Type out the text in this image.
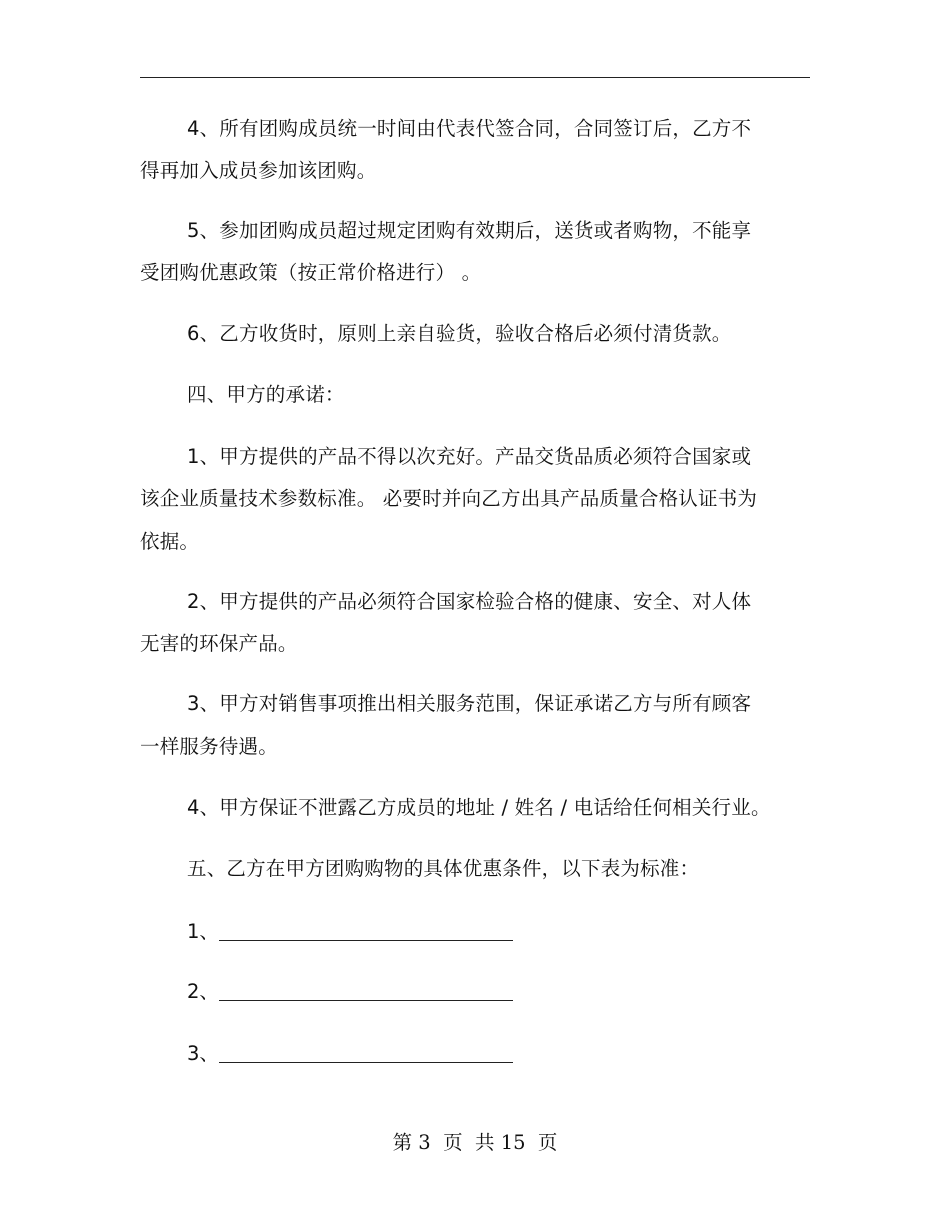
4、所有团购成员统一时间由代表代签合同，合同签订后，乙方不
得再加入成员参加该团购。
5、参加团购成员超过规定团购有效期后，送货或者购物，不能享
受团购优惠政策（按正常价格进行） 。
6、乙方收货时，原则上亲自验货，验收合格后必须付清货款。
四、甲方的承诺：
1、甲方提供的产品不得以次充好。产品交货品质必须符合国家或
该企业质量技术参数标准。 必要时并向乙方出具产品质量合格认证书为
依据。
2、甲方提供的产品必须符合国家检验合格的健康、安全、对人体
无害的环保产品。
3、甲方对销售事项推出相关服务范围，保证承诺乙方与所有顾客
一样服务待遇。
4、甲方保证不泄露乙方成员的地址 / 姓名 / 电话给任何相关行业。
五、乙方在甲方团购购物的具体优惠条件，以下表为标准：
1、
2、
3、
第 3  页  共 15  页
